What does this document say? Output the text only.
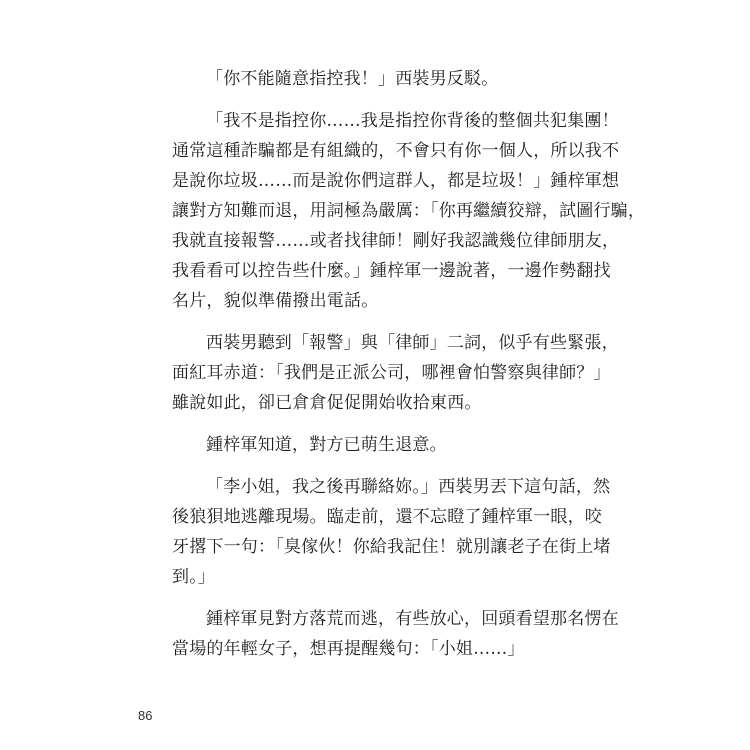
「你不能隨意指控我！」西裝男反駁。

「我不是指控你……我是指控你背後的整個共犯集團！
通常這種詐騙都是有組織的，不會只有你一個人，所以我不
是說你垃圾……而是說你們這群人，都是垃圾！」鍾梓軍想
讓對方知難而退，用詞極為嚴厲：「你再繼續狡辯，試圖行騙，
我就直接報警……或者找律師！剛好我認識幾位律師朋友，
我看看可以控告些什麼。」鍾梓軍一邊說著，一邊作勢翻找
名片，貌似準備撥出電話。

西裝男聽到「報警」與「律師」二詞，似乎有些緊張，
面紅耳赤道：「我們是正派公司，哪裡會怕警察與律師？」
雖說如此，卻已倉倉促促開始收拾東西。

鍾梓軍知道，對方已萌生退意。

「李小姐，我之後再聯絡妳。」西裝男丟下這句話，然
後狼狽地逃離現場。臨走前，還不忘瞪了鍾梓軍一眼，咬
牙撂下一句：「臭傢伙！你給我記住！就別讓老子在街上堵
到。」

鍾梓軍見對方落荒而逃，有些放心，回頭看望那名愣在
當場的年輕女子，想再提醒幾句：「小姐……」

86
